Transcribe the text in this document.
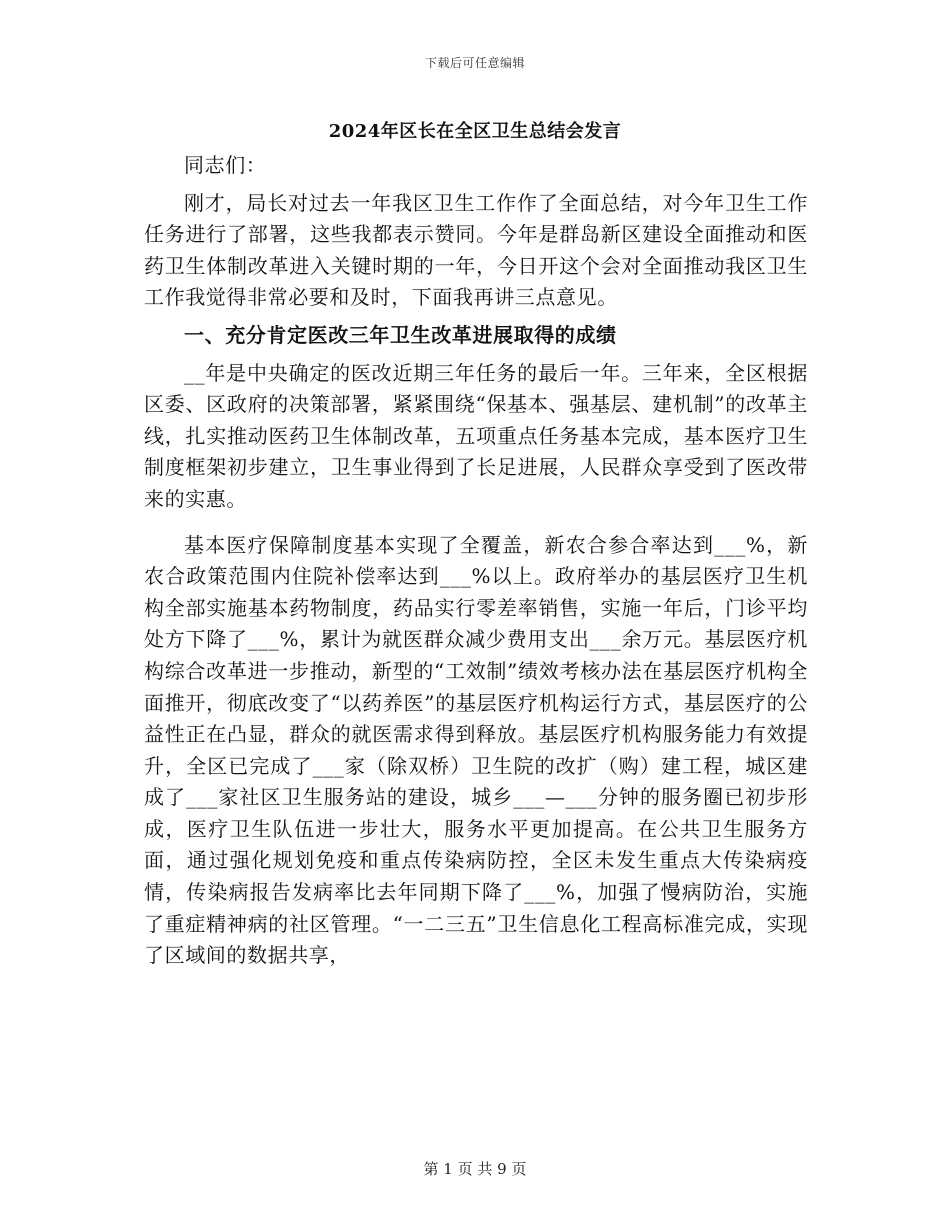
下载后可任意编辑
2024年区长在全区卫生总结会发言

同志们：

刚才，局长对过去一年我区卫生工作作了全面总结，对今年卫生工作任务进行了部署，这些我都表示赞同。今年是群岛新区建设全面推动和医药卫生体制改革进入关键时期的一年，今日开这个会对全面推动我区卫生工作我觉得非常必要和及时，下面我再讲三点意见。

一、充分肯定医改三年卫生改革进展取得的成绩

__年是中央确定的医改近期三年任务的最后一年。三年来，全区根据区委、区政府的决策部署，紧紧围绕“保基本、强基层、建机制”的改革主线，扎实推动医药卫生体制改革，五项重点任务基本完成，基本医疗卫生制度框架初步建立，卫生事业得到了长足进展，人民群众享受到了医改带来的实惠。

基本医疗保障制度基本实现了全覆盖，新农合参合率达到___%，新农合政策范围内住院补偿率达到___%以上。政府举办的基层医疗卫生机构全部实施基本药物制度，药品实行零差率销售，实施一年后，门诊平均处方下降了___%，累计为就医群众减少费用支出___余万元。基层医疗机构综合改革进一步推动，新型的“工效制”绩效考核办法在基层医疗机构全面推开，彻底改变了“以药养医”的基层医疗机构运行方式，基层医疗的公益性正在凸显，群众的就医需求得到释放。基层医疗机构服务能力有效提升，全区已完成了___家（除双桥）卫生院的改扩（购）建工程，城区建成了___家社区卫生服务站的建设，城乡___—___分钟的服务圈已初步形成，医疗卫生队伍进一步壮大，服务水平更加提高。在公共卫生服务方面，通过强化规划免疫和重点传染病防控，全区未发生重点大传染病疫情，传染病报告发病率比去年同期下降了___%，加强了慢病防治，实施了重症精神病的社区管理。“一二三五”卫生信息化工程高标准完成，实现了区域间的数据共享，

第 1 页 共 9 页
